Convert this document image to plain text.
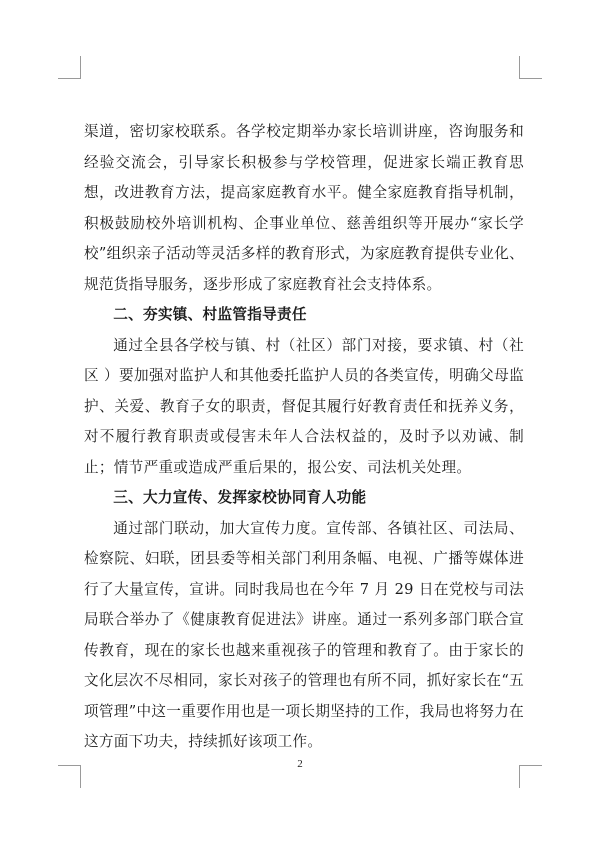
渠道，密切家校联系。各学校定期举办家长培训讲座，咨询服务和经验交流会，引导家长积极参与学校管理，促进家长端正教育思想，改进教育方法，提高家庭教育水平。健全家庭教育指导机制，积极鼓励校外培训机构、企事业单位、慈善组织等开展办“家长学校”组织亲子活动等灵活多样的教育形式，为家庭教育提供专业化、规范货指导服务，逐步形成了家庭教育社会支持体系。

二、夯实镇、村监管指导责任

通过全县各学校与镇、村（社区）部门对接，要求镇、村（社区 ）要加强对监护人和其他委托监护人员的各类宣传，明确父母监护、关爱、教育子女的职责，督促其履行好教育责任和抚养义务，对不履行教育职责或侵害未年人合法权益的，及时予以劝诫、制止；情节严重或造成严重后果的，报公安、司法机关处理。

三、大力宣传、发挥家校协同育人功能

通过部门联动，加大宣传力度。宣传部、各镇社区、司法局、检察院、妇联，团县委等相关部门利用条幅、电视、广播等媒体进行了大量宣传，宣讲。同时我局也在今年 7 月 29 日在党校与司法局联合举办了《健康教育促进法》讲座。通过一系列多部门联合宣传教育，现在的家长也越来重视孩子的管理和教育了。由于家长的文化层次不尽相同，家长对孩子的管理也有所不同，抓好家长在“五项管理”中这一重要作用也是一项长期坚持的工作，我局也将努力在这方面下功夫，持续抓好该项工作。

2
